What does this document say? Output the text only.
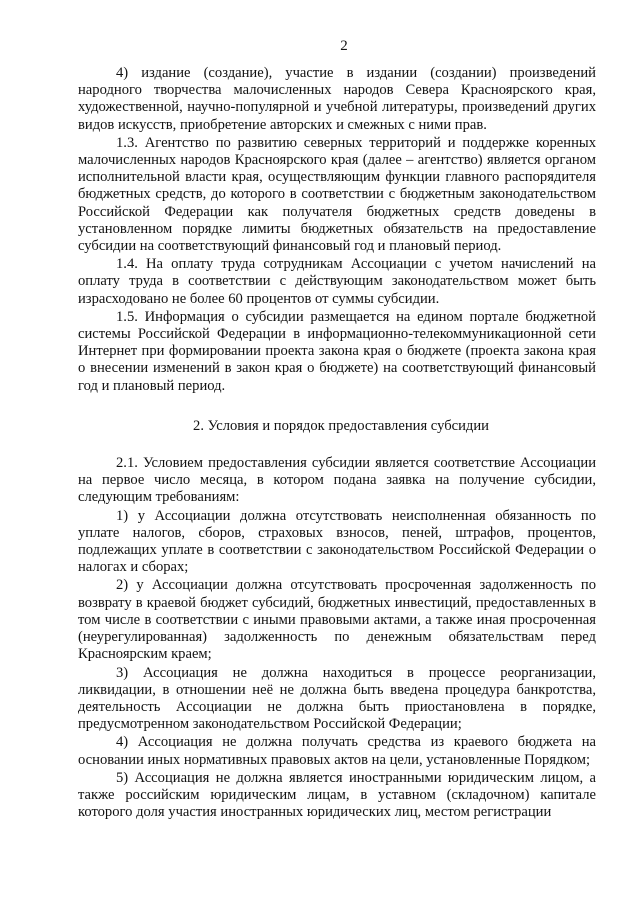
2

4) издание (создание), участие в издании (создании) произведений народного творчества малочисленных народов Севера Красноярского края, художественной, научно-популярной и учебной литературы, произведений других видов искусств, приобретение авторских и смежных с ними прав.

1.3. Агентство по развитию северных территорий и поддержке коренных малочисленных народов Красноярского края (далее – агентство) является органом исполнительной власти края, осуществляющим функции главного распорядителя бюджетных средств, до которого в соответствии с бюджетным законодательством Российской Федерации как получателя бюджетных средств доведены в установленном порядке лимиты бюджетных обязательств на предоставление субсидии на соответствующий финансовый год и плановый период.

1.4. На оплату труда сотрудникам Ассоциации с учетом начислений на оплату труда в соответствии с действующим законодательством может быть израсходовано не более 60 процентов от суммы субсидии.

1.5. Информация о субсидии размещается на едином портале бюджетной системы Российской Федерации в информационно-телекоммуникационной сети Интернет при формировании проекта закона края о бюджете (проекта закона края о внесении изменений в закон края о бюджете) на соответствующий финансовый год и плановый период.

2. Условия и порядок предоставления субсидии

2.1. Условием предоставления субсидии является соответствие Ассоциации на первое число месяца, в котором подана заявка на получение субсидии, следующим требованиям:

1) у Ассоциации должна отсутствовать неисполненная обязанность по уплате налогов, сборов, страховых взносов, пеней, штрафов, процентов, подлежащих уплате в соответствии с законодательством Российской Федерации о налогах и сборах;

2) у Ассоциации должна отсутствовать просроченная задолженность по возврату в краевой бюджет субсидий, бюджетных инвестиций, предоставленных в том числе в соответствии с иными правовыми актами, а также иная просроченная (неурегулированная) задолженность по денежным обязательствам перед Красноярским краем;

3) Ассоциация не должна находиться в процессе реорганизации, ликвидации, в отношении неё не должна быть введена процедура банкротства, деятельность Ассоциации не должна быть приостановлена в порядке, предусмотренном законодательством Российской Федерации;

4) Ассоциация не должна получать средства из краевого бюджета на основании иных нормативных правовых актов на цели, установленные Порядком;

5) Ассоциация не должна является иностранными юридическим лицом, а также российским юридическим лицам, в уставном (складочном) капитале которого доля участия иностранных юридических лиц, местом регистрации
